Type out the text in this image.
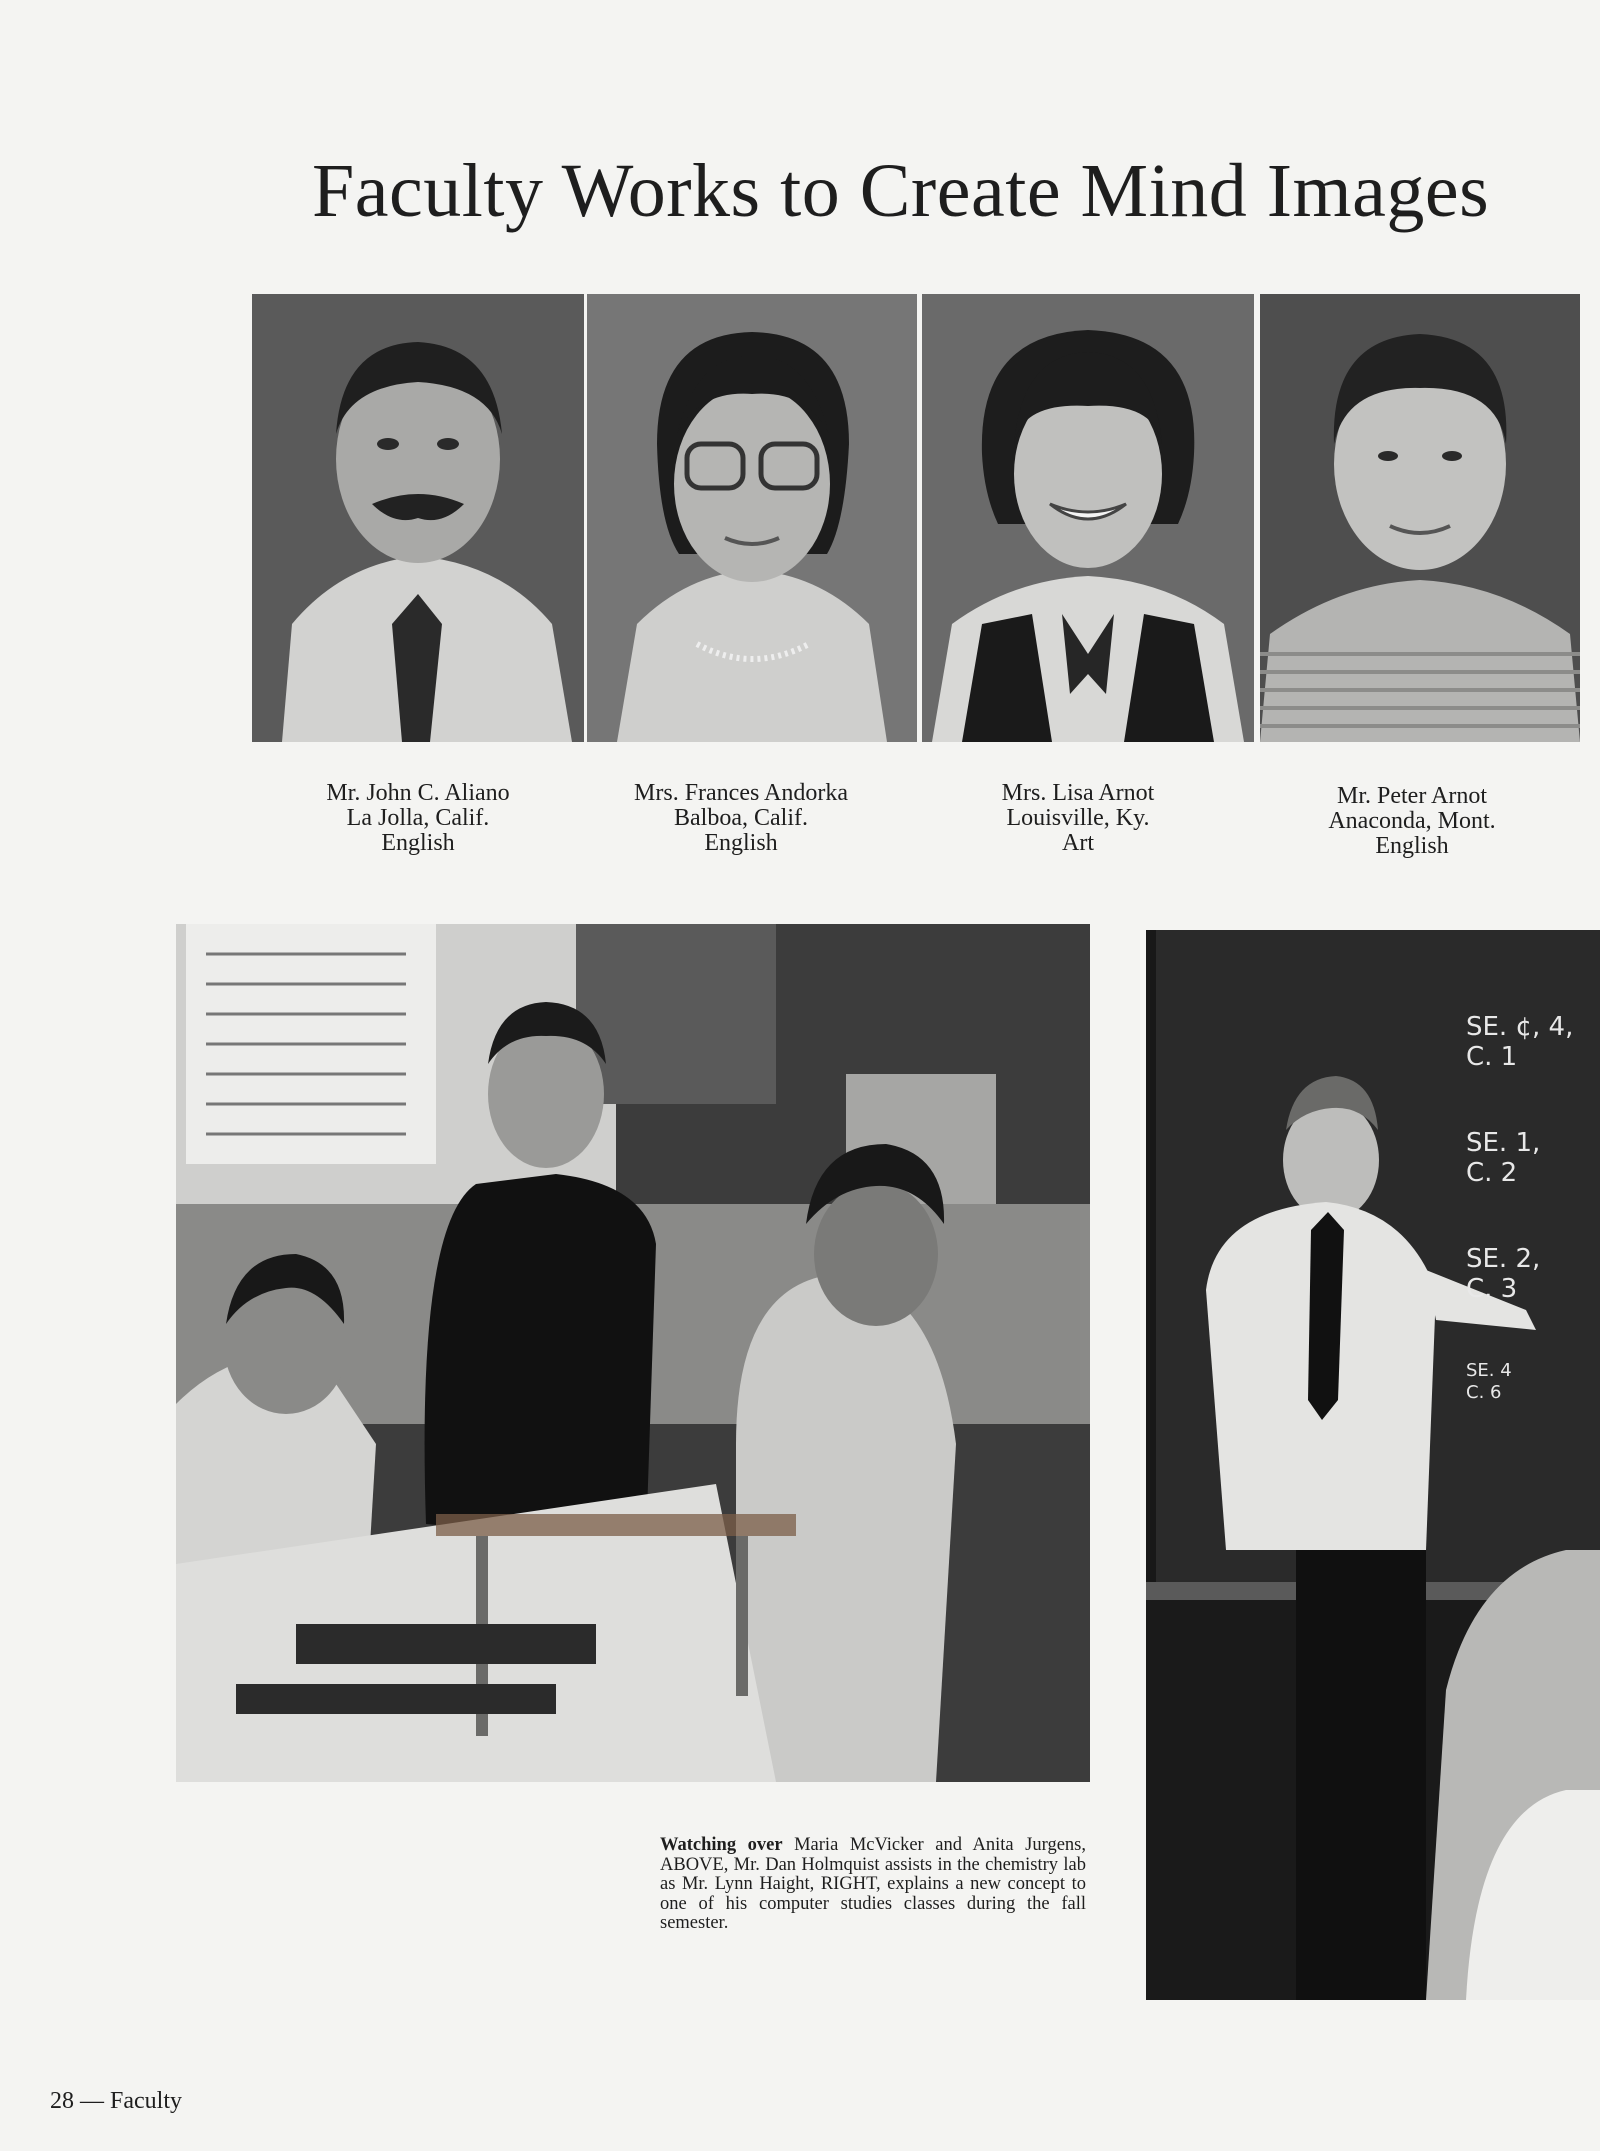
Faculty Works to Create Mind Images
Mr. John C. Aliano
La Jolla, Calif.
English
Mrs. Frances Andorka
Balboa, Calif.
English
Mrs. Lisa Arnot
Louisville, Ky.
Art
Mr. Peter Arnot
Anaconda, Mont.
English
SE. ¢, 4,
C. 1
SE. 1,
C. 2
SE. 2,
C. 3
SE. 4
C. 6

Watching over Maria McVicker and Anita Jurgens, ABOVE, Mr. Dan Holmquist assists in the chemistry lab as Mr. Lynn Haight, RIGHT, explains a new concept to one of his computer studies classes during the fall semester.

28 — Faculty
